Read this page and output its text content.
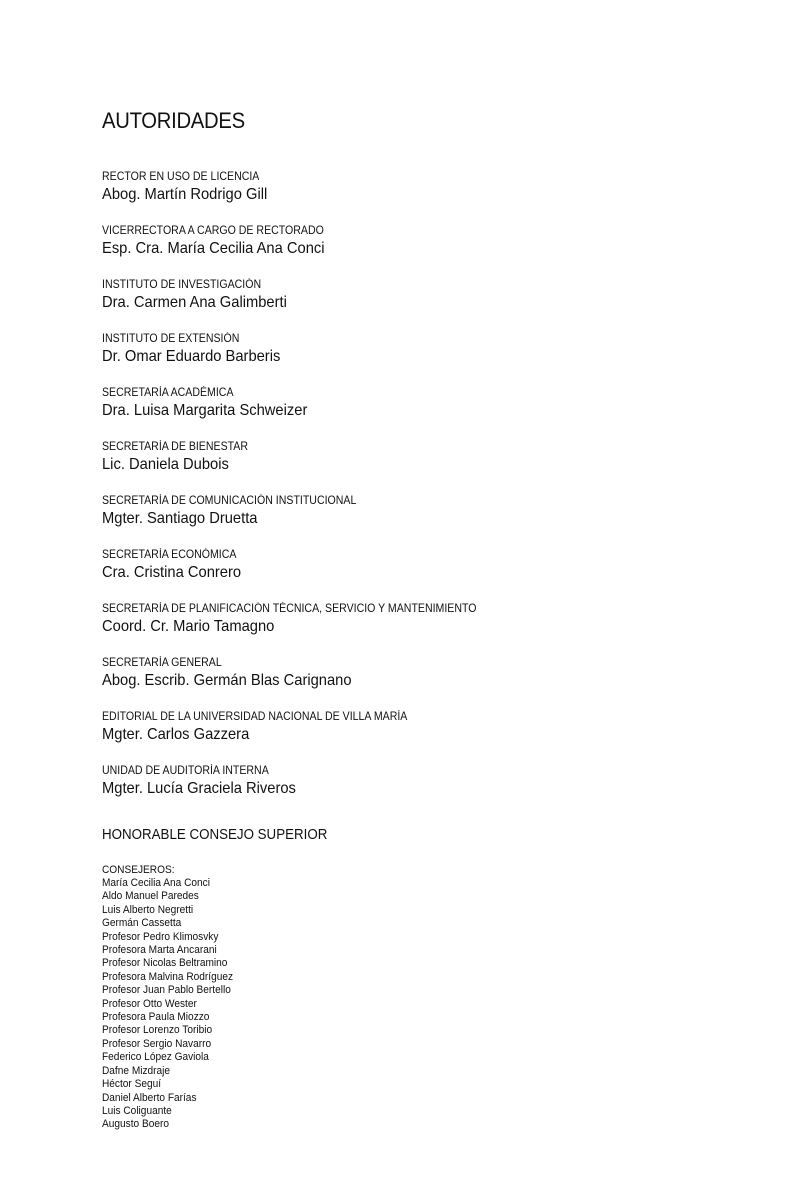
AUTORIDADES
RECTOR EN USO DE LICENCIA
Abog. Martín Rodrigo Gill
VICERRECTORA A CARGO DE RECTORADO
Esp. Cra. María Cecilia Ana Conci
INSTITUTO DE INVESTIGACIÓN
Dra. Carmen Ana Galimberti
INSTITUTO DE EXTENSIÓN
Dr. Omar Eduardo Barberis
SECRETARÍA ACADÉMICA
Dra. Luisa Margarita Schweizer
SECRETARÍA DE BIENESTAR
Lic. Daniela Dubois
SECRETARÍA DE COMUNICACIÓN INSTITUCIONAL
Mgter. Santiago Druetta
SECRETARÍA ECONÓMICA
Cra. Cristina Conrero
SECRETARÍA DE PLANIFICACIÓN TÉCNICA, SERVICIO Y MANTENIMIENTO
Coord. Cr. Mario Tamagno
SECRETARÍA GENERAL
Abog. Escrib. Germán Blas Carignano
EDITORIAL DE LA UNIVERSIDAD NACIONAL DE VILLA MARÍA
Mgter. Carlos Gazzera
UNIDAD DE AUDITORÍA INTERNA
Mgter. Lucía Graciela Riveros
HONORABLE CONSEJO SUPERIOR
CONSEJEROS:
María Cecilia Ana Conci
Aldo Manuel Paredes
Luis Alberto Negretti
Germán Cassetta
Profesor Pedro Klimosvky
Profesora Marta Ancarani
Profesor Nicolas Beltramino
Profesora Malvina Rodríguez
Profesor Juan Pablo Bertello
Profesor Otto Wester
Profesora Paula Miozzo
Profesor Lorenzo Toribio
Profesor Sergio Navarro
Federico López Gaviola
Dafne Mizdraje
Héctor Seguí
Daniel Alberto Farías
Luis Coliguante
Augusto Boero
